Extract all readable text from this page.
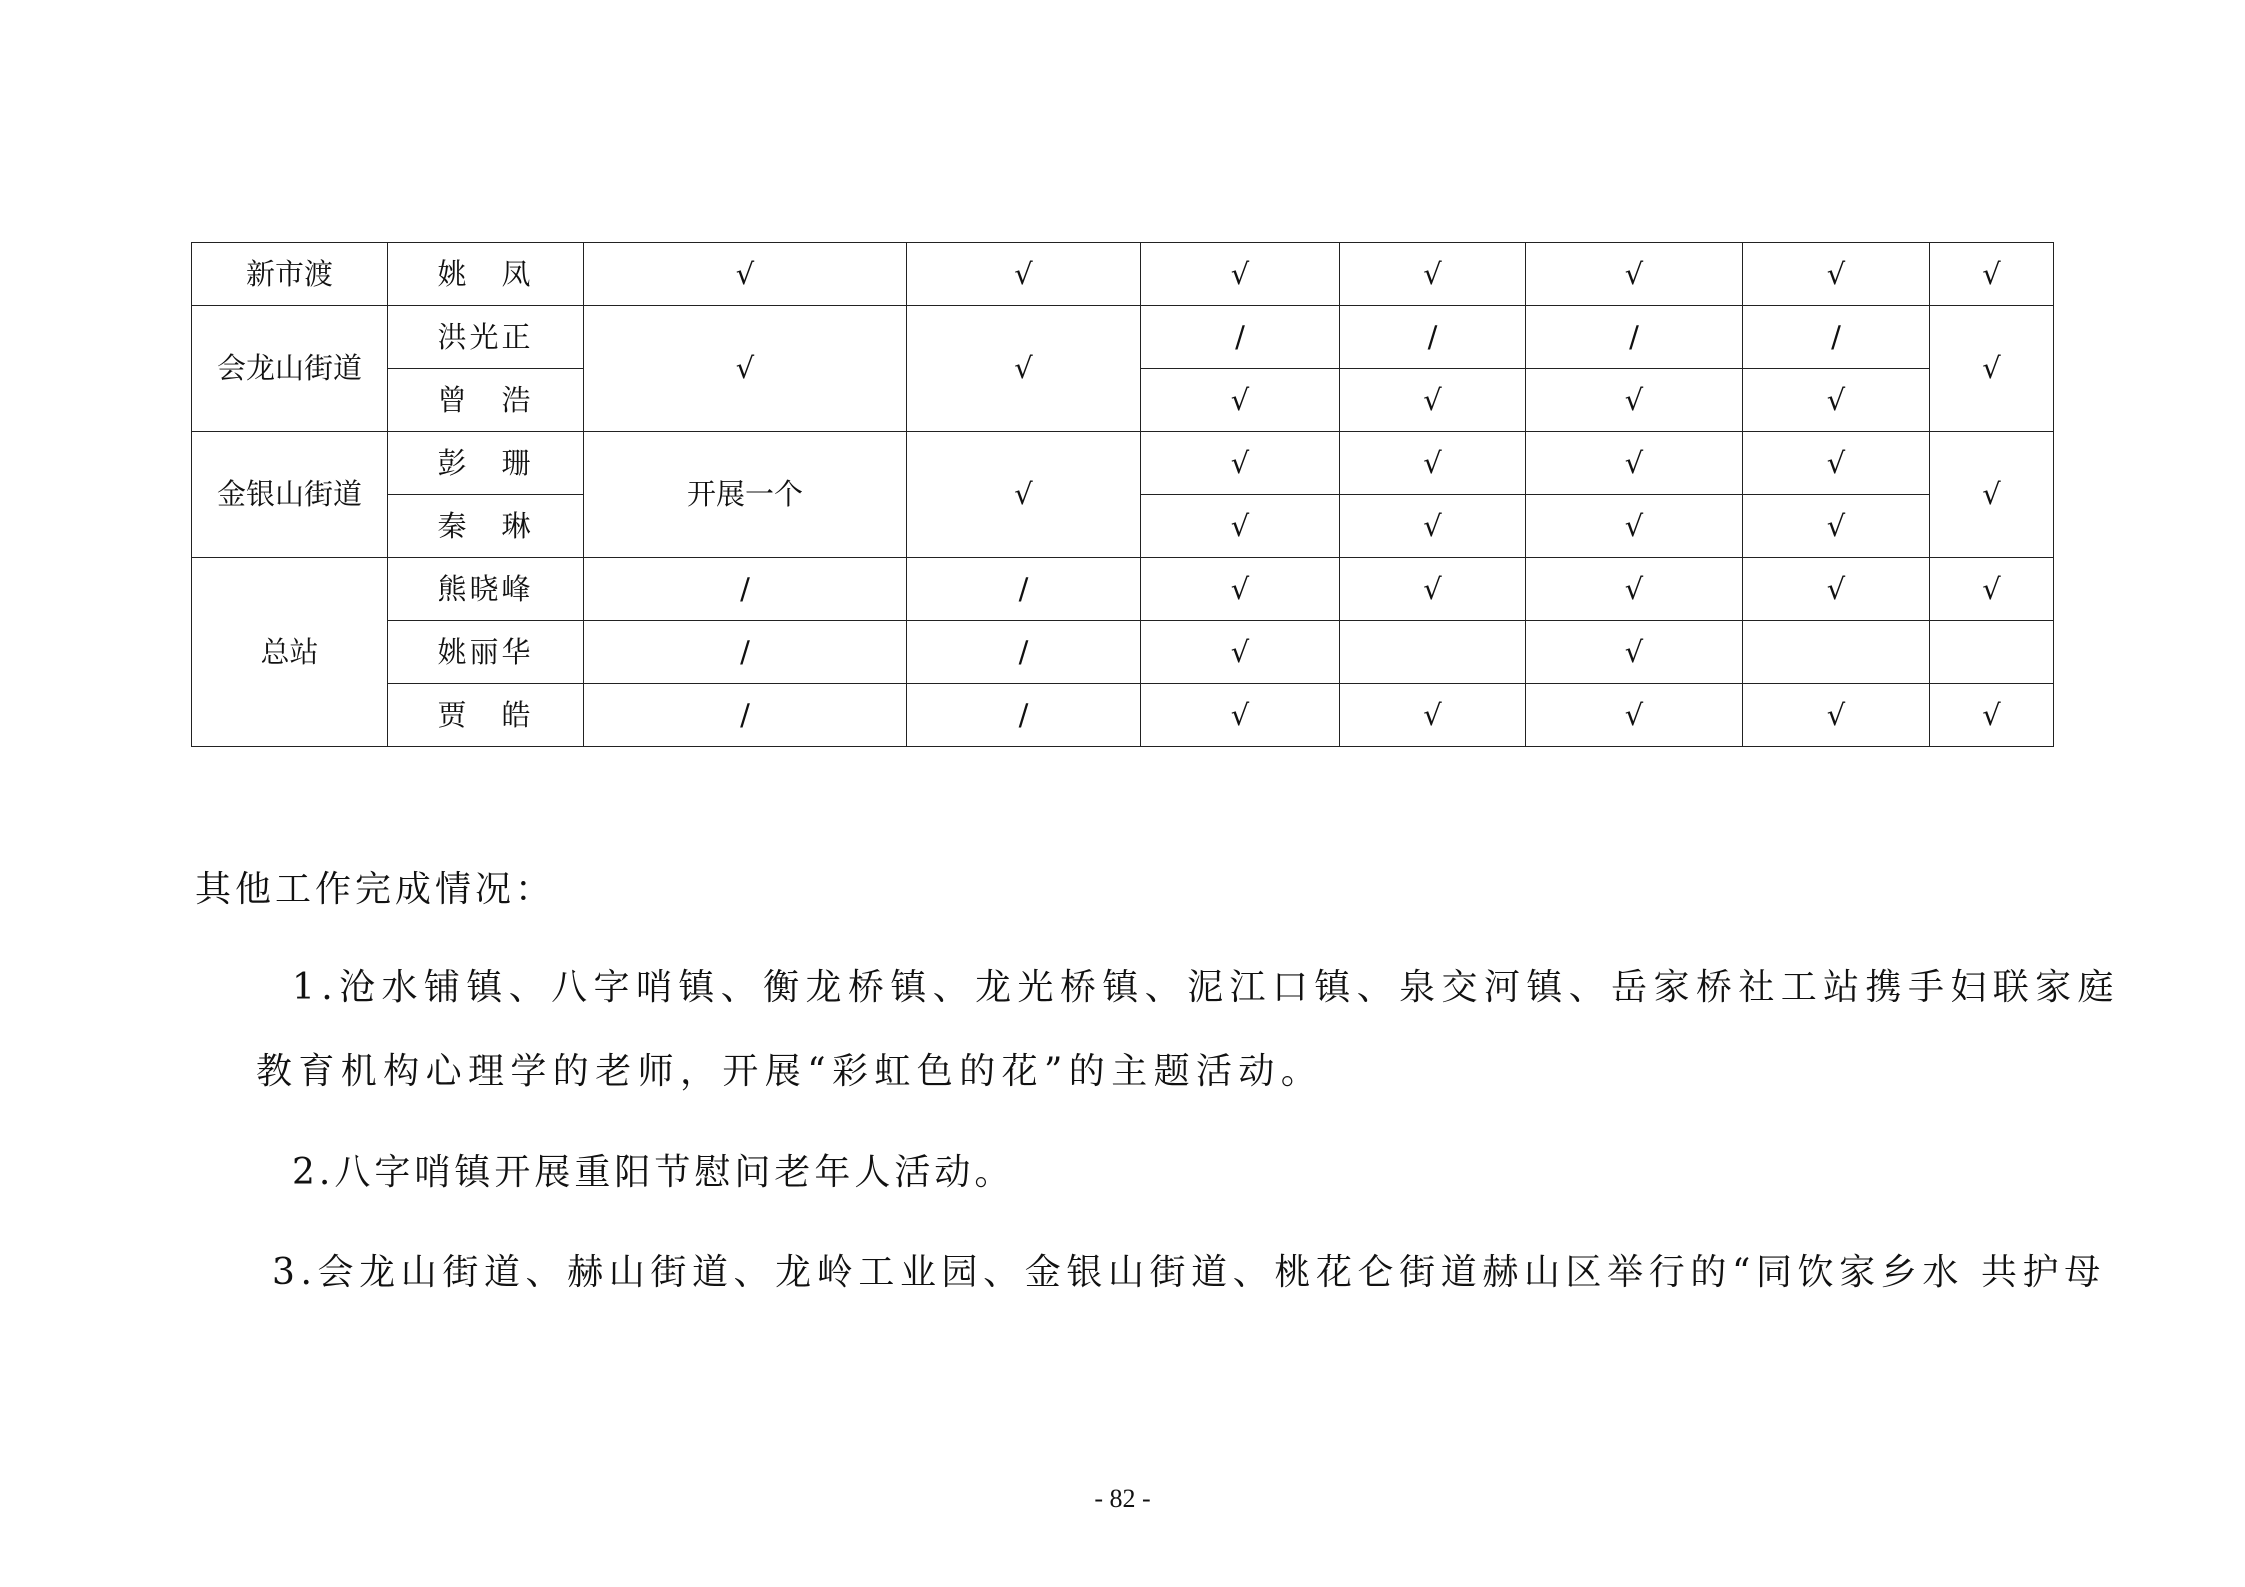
新市渡	姚　凤	√	√	√	√	√	√	√
会龙山街道	洪光正	√	√	/	/	/	/	√
	曾　浩			√	√	√	√	
金银山街道	彭　珊	开展一个	√	√	√	√	√	√
	秦　琳			√	√	√	√	
总站	熊晓峰	/	/	√	√	√	√	√
	姚丽华	/	/	√		√		
	贾　皓	/	/	√	√	√	√	√
其他工作完成情况：
1.沧水铺镇、八字哨镇、衡龙桥镇、龙光桥镇、泥江口镇、泉交河镇、岳家桥社工站携手妇联家庭
教育机构心理学的老师，开展“彩虹色的花”的主题活动。
2.八字哨镇开展重阳节慰问老年人活动。
3.会龙山街道、赫山街道、龙岭工业园、金银山街道、桃花仑街道赫山区举行的“同饮家乡水 共护母
- 82 -
